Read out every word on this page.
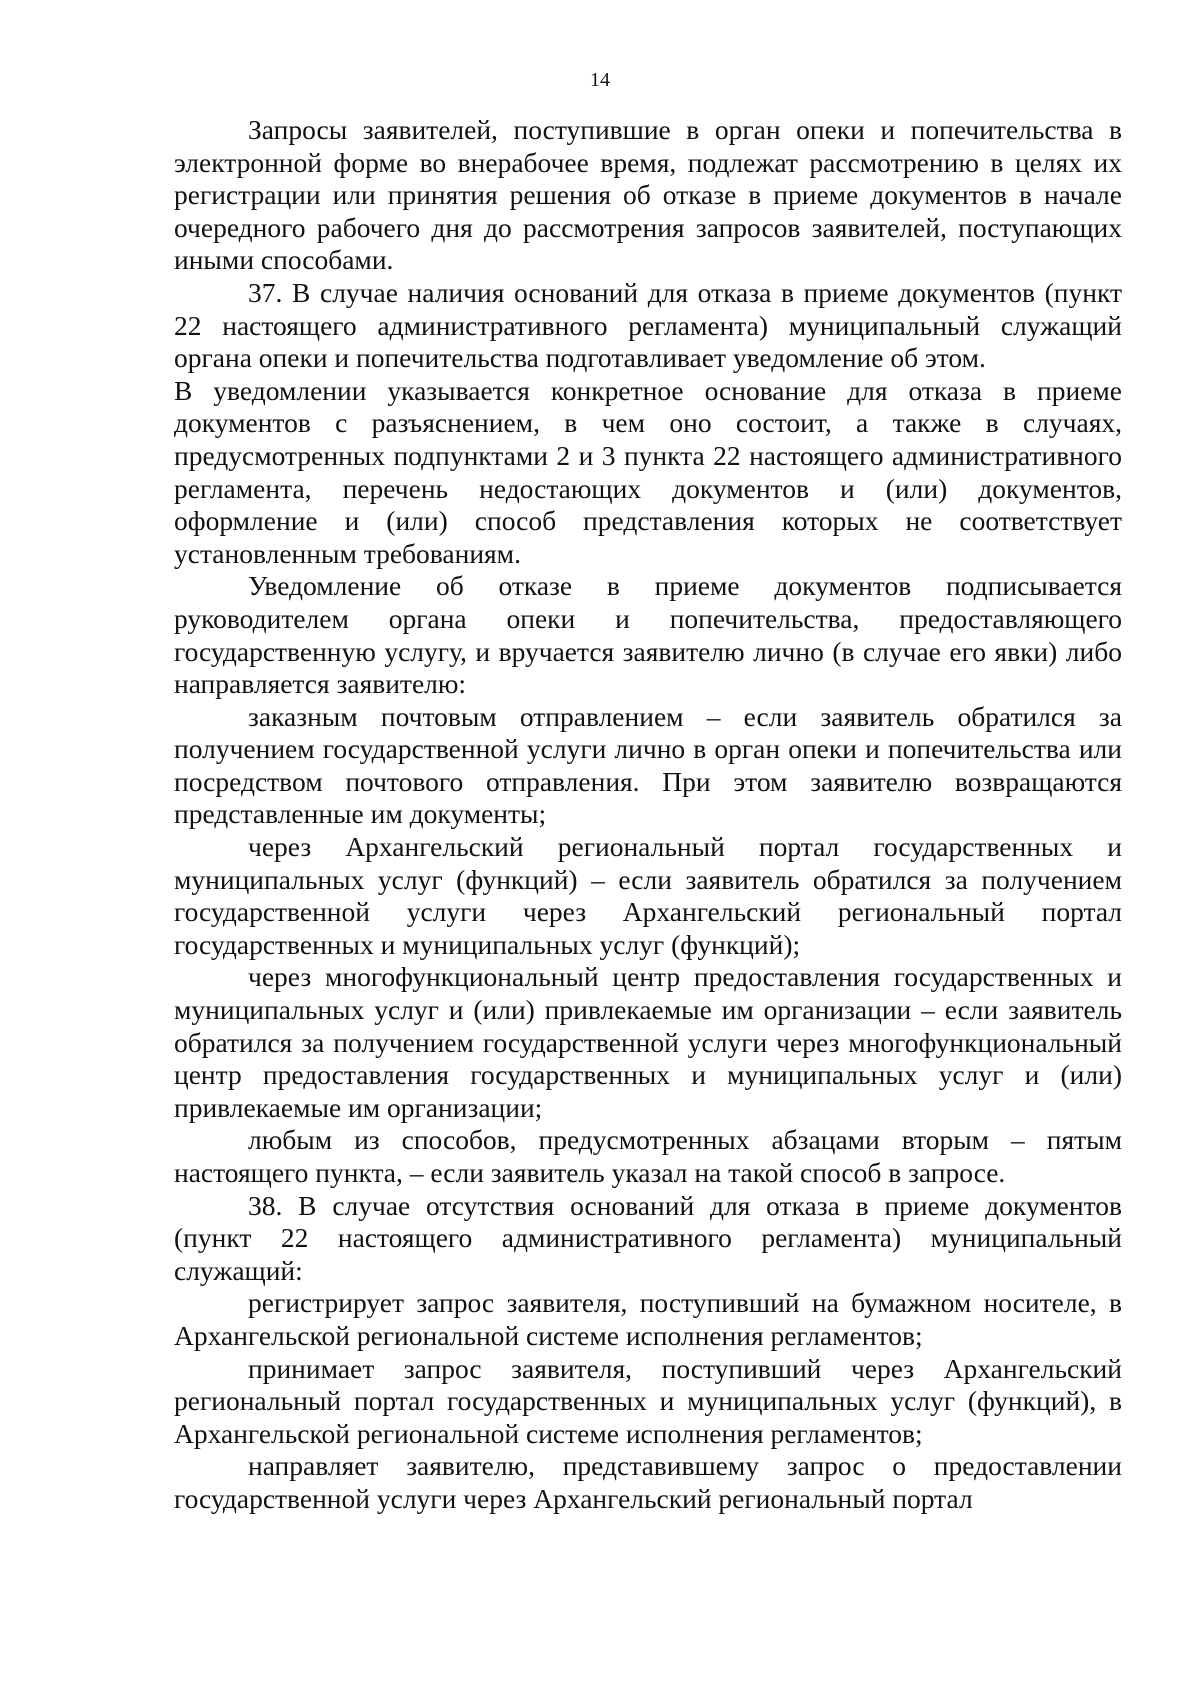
14

Запросы заявителей, поступившие в орган опеки и попечительства в электронной форме во внерабочее время, подлежат рассмотрению в целях их регистрации или принятия решения об отказе в приеме документов в начале очередного рабочего дня до рассмотрения запросов заявителей, поступающих иными способами.

37. В случае наличия оснований для отказа в приеме документов (пункт 22 настоящего административного регламента) муниципальный служащий органа опеки и попечительства подготавливает уведомление об этом.

В уведомлении указывается конкретное основание для отказа в приеме документов с разъяснением, в чем оно состоит, а также в случаях, предусмотренных подпунктами 2 и 3 пункта 22 настоящего административного регламента, перечень недостающих документов и (или) документов, оформление и (или) способ представления которых не соответствует установленным требованиям.

Уведомление об отказе в приеме документов подписывается руководителем органа опеки и попечительства, предоставляющего государственную услугу, и вручается заявителю лично (в случае его явки) либо направляется заявителю:

заказным почтовым отправлением – если заявитель обратился за получением государственной услуги лично в орган опеки и попечительства или посредством почтового отправления. При этом заявителю возвращаются представленные им документы;

через Архангельский региональный портал государственных и муниципальных услуг (функций) – если заявитель обратился за получением государственной услуги через Архангельский региональный портал государственных и муниципальных услуг (функций);

через многофункциональный центр предоставления государственных и муниципальных услуг и (или) привлекаемые им организации – если заявитель обратился за получением государственной услуги через многофункциональный центр предоставления государственных и муниципальных услуг и (или) привлекаемые им организации;

любым из способов, предусмотренных абзацами вторым – пятым настоящего пункта, – если заявитель указал на такой способ в запросе.

38. В случае отсутствия оснований для отказа в приеме документов (пункт 22 настоящего административного регламента) муниципальный служащий:

регистрирует запрос заявителя, поступивший на бумажном носителе, в Архангельской региональной системе исполнения регламентов;

принимает запрос заявителя, поступивший через Архангельский региональный портал государственных и муниципальных услуг (функций), в Архангельской региональной системе исполнения регламентов;

направляет заявителю, представившему запрос о предоставлении государственной услуги через Архангельский региональный портал
